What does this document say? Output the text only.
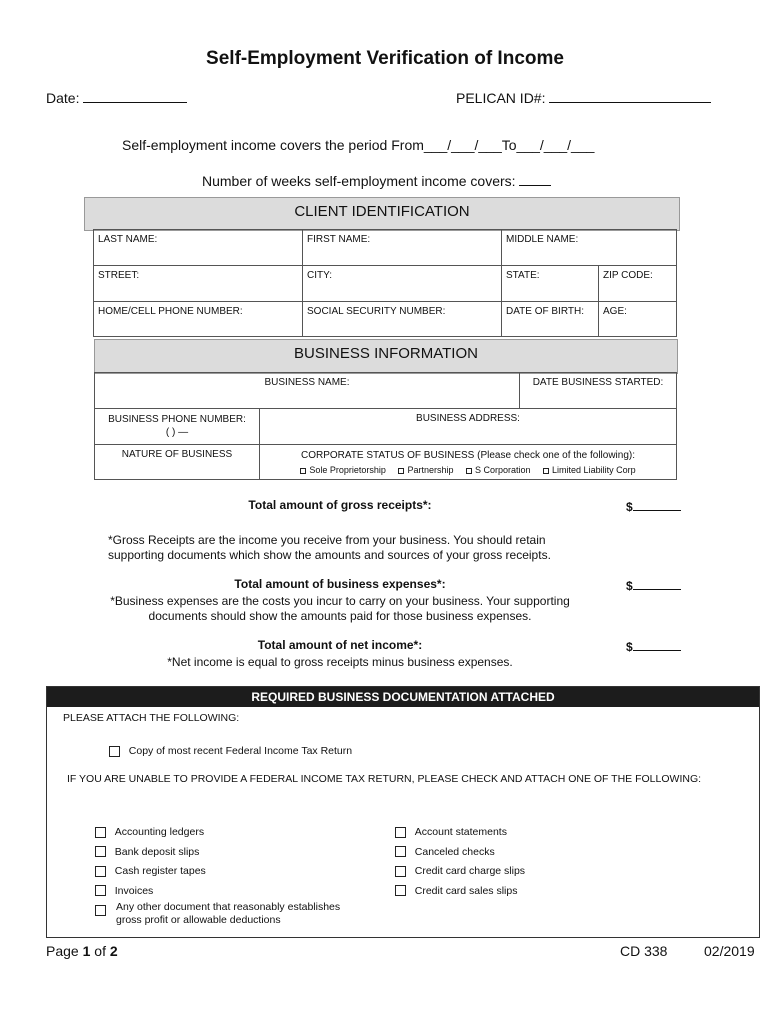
Self-Employment Verification of Income
Date:	PELICAN ID#:
Self-employment income covers the period From___/___/___To___/___/___
Number of weeks self-employment income covers:
CLIENT IDENTIFICATION
LAST NAME:	FIRST NAME:	MIDDLE NAME:
STREET:	CITY:	STATE:	ZIP CODE:
HOME/CELL PHONE NUMBER:	SOCIAL SECURITY NUMBER:	DATE OF BIRTH:	AGE:
BUSINESS INFORMATION
BUSINESS NAME:	DATE BUSINESS STARTED:
BUSINESS PHONE NUMBER:
( ) —
BUSINESS ADDRESS:
NATURE OF BUSINESS	CORPORATE STATUS OF BUSINESS (Please check one of the following):
Sole Proprietorship Partnership S Corporation Limited Liability Corp
Total amount of gross receipts*:	$
*Gross Receipts are the income you receive from your business. You should retain supporting documents which show the amounts and sources of your gross receipts.
Total amount of business expenses*:	$
*Business expenses are the costs you incur to carry on your business. Your supporting documents should show the amounts paid for those business expenses.
Total amount of net income*:	$
*Net income is equal to gross receipts minus business expenses.
REQUIRED BUSINESS DOCUMENTATION ATTACHED
PLEASE ATTACH THE FOLLOWING:
Copy of most recent Federal Income Tax Return
IF YOU ARE UNABLE TO PROVIDE A FEDERAL INCOME TAX RETURN, PLEASE CHECK AND ATTACH ONE OF THE FOLLOWING:
Accounting ledgers
Bank deposit slips
Cash register tapes
Invoices
Any other document that reasonably establishes
gross profit or allowable deductions
Account statements
Canceled checks
Credit card charge slips
Credit card sales slips
Page 1 of 2	CD 338	02/2019
